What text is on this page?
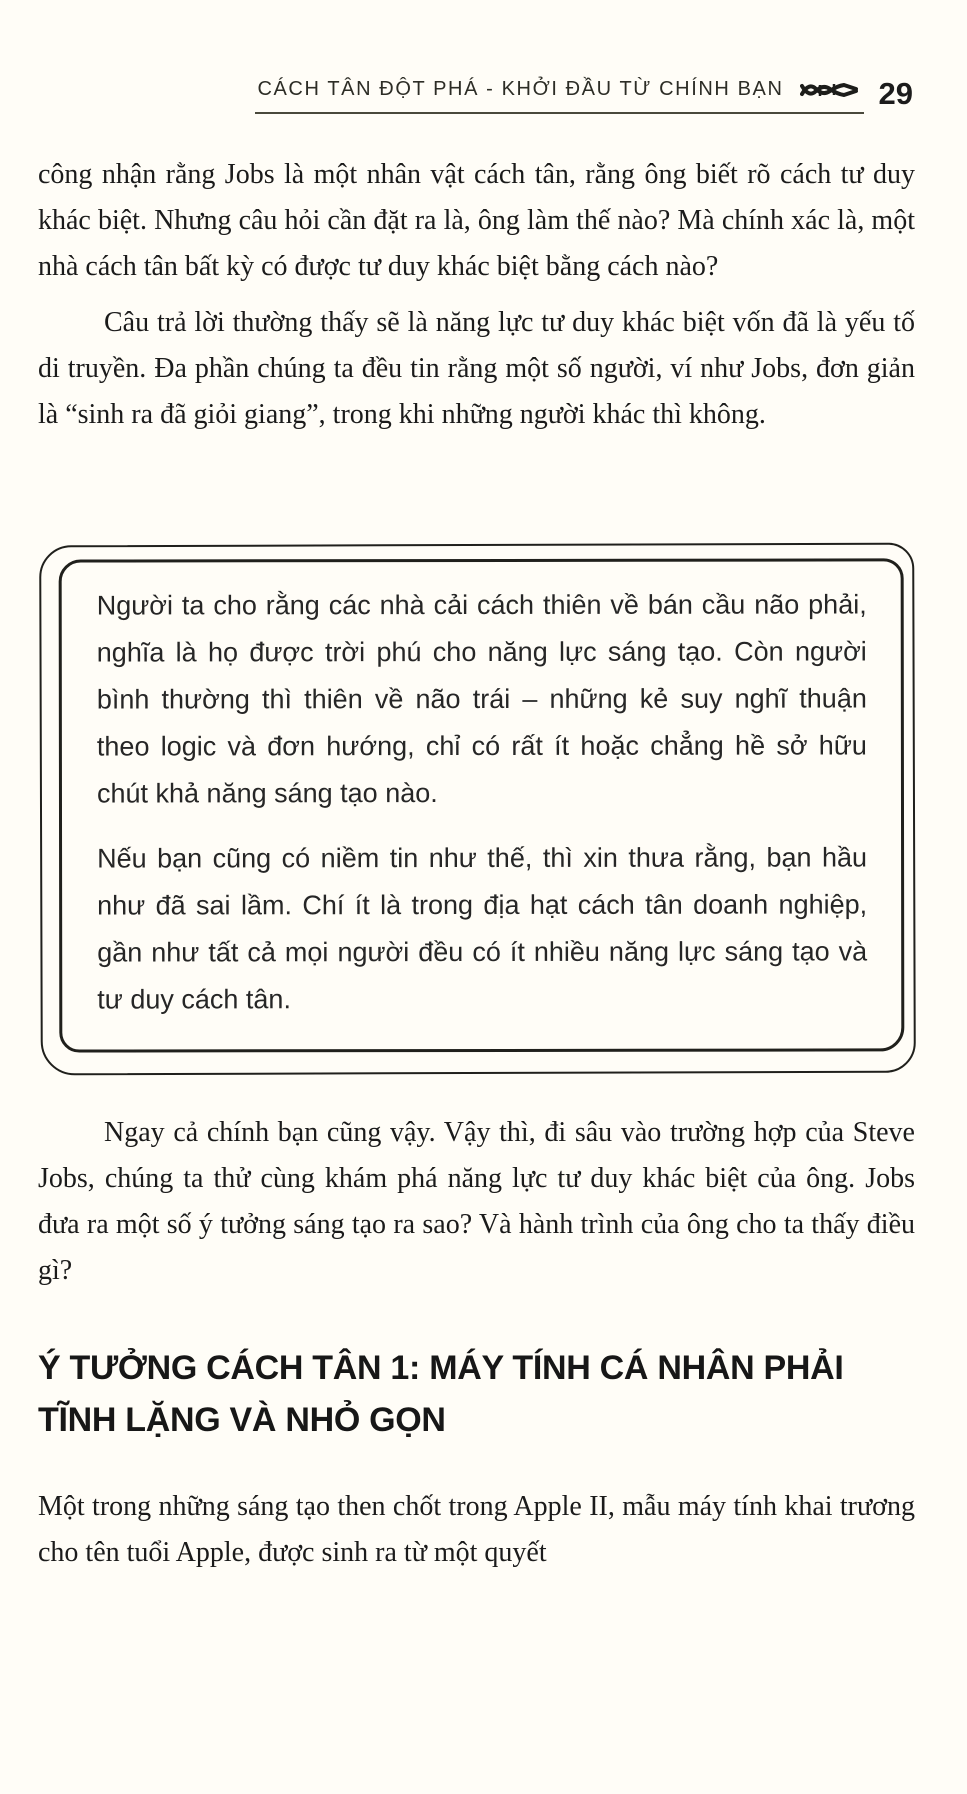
CÁCH TÂN ĐỘT PHÁ - KHỞI ĐẦU TỪ CHÍNH BẠN	29

công nhận rằng Jobs là một nhân vật cách tân, rằng ông biết rõ cách tư duy khác biệt. Nhưng câu hỏi cần đặt ra là, ông làm thế nào? Mà chính xác là, một nhà cách tân bất kỳ có được tư duy khác biệt bằng cách nào?

Câu trả lời thường thấy sẽ là năng lực tư duy khác biệt vốn đã là yếu tố di truyền. Đa phần chúng ta đều tin rằng một số người, ví như Jobs, đơn giản là “sinh ra đã giỏi giang”, trong khi những người khác thì không.

Người ta cho rằng các nhà cải cách thiên về bán cầu não phải, nghĩa là họ được trời phú cho năng lực sáng tạo. Còn người bình thường thì thiên về não trái – những kẻ suy nghĩ thuận theo logic và đơn hướng, chỉ có rất ít hoặc chẳng hề sở hữu chút khả năng sáng tạo nào.

Nếu bạn cũng có niềm tin như thế, thì xin thưa rằng, bạn hầu như đã sai lầm. Chí ít là trong địa hạt cách tân doanh nghiệp, gần như tất cả mọi người đều có ít nhiều năng lực sáng tạo và tư duy cách tân.

Ngay cả chính bạn cũng vậy. Vậy thì, đi sâu vào trường hợp của Steve Jobs, chúng ta thử cùng khám phá năng lực tư duy khác biệt của ông. Jobs đưa ra một số ý tưởng sáng tạo ra sao? Và hành trình của ông cho ta thấy điều gì?

Ý TƯỞNG CÁCH TÂN 1: MÁY TÍNH CÁ NHÂN PHẢI TĨNH LẶNG VÀ NHỎ GỌN

Một trong những sáng tạo then chốt trong Apple II, mẫu máy tính khai trương cho tên tuổi Apple, được sinh ra từ một quyết
